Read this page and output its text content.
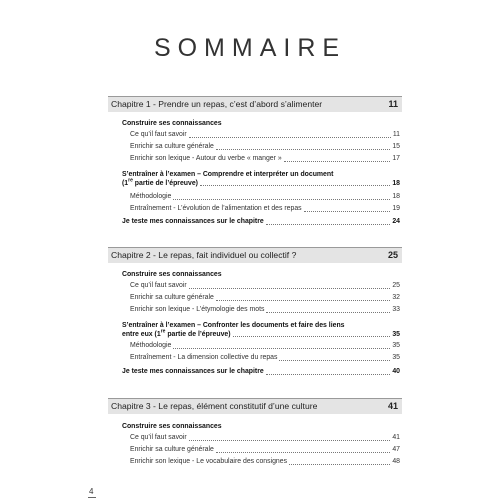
SOMMAIRE
Chapitre 1 - Prendre un repas, c’est d’abord s’alimenter	11
Construire ses connaissances
Ce qu’il faut savoir	11
Enrichir sa culture générale	15
Enrichir son lexique - Autour du verbe « manger »	17
S’entraîner à l’examen – Comprendre et interpréter un document
(1re partie de l’épreuve)	18
Méthodologie	18
Entraînement - L’évolution de l’alimentation et des repas	19
Je teste mes connaissances sur le chapitre	24
Chapitre 2 - Le repas, fait individuel ou collectif ?	25
Construire ses connaissances
Ce qu’il faut savoir	25
Enrichir sa culture générale	32
Enrichir son lexique - L’étymologie des mots	33
S’entraîner à l’examen – Confronter les documents et faire des liens
entre eux (1re partie de l’épreuve)	35
Méthodologie	35
Entraînement - La dimension collective du repas	35
Je teste mes connaissances sur le chapitre	40
Chapitre 3 - Le repas, élément constitutif d’une culture	41
Construire ses connaissances
Ce qu’il faut savoir	41
Enrichir sa culture générale	47
Enrichir son lexique - Le vocabulaire des consignes	48
4
